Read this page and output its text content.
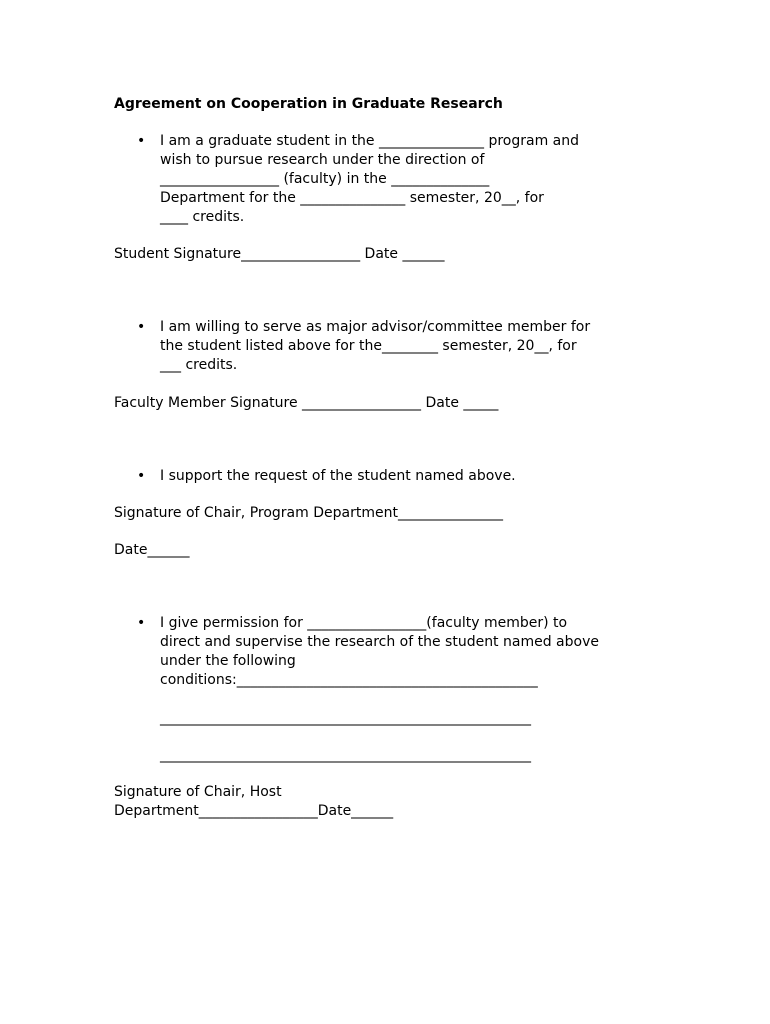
Agreement on Cooperation in Graduate Research
• I am a graduate student in the _______________ program and
wish to pursue research under the direction of
_________________ (faculty) in the ______________
Department for the _______________ semester, 20__, for
____ credits.
Student Signature_________________ Date ______
• I am willing to serve as major advisor/committee member for
the student listed above for the________ semester, 20__, for
___ credits.
Faculty Member Signature _________________ Date _____
• I support the request of the student named above.
Signature of Chair, Program Department_______________
Date______
• I give permission for _________________(faculty member) to
direct and supervise the research of the student named above
under the following
conditions:___________________________________________
_____________________________________________________
_____________________________________________________
Signature of Chair, Host
Department_________________Date______
